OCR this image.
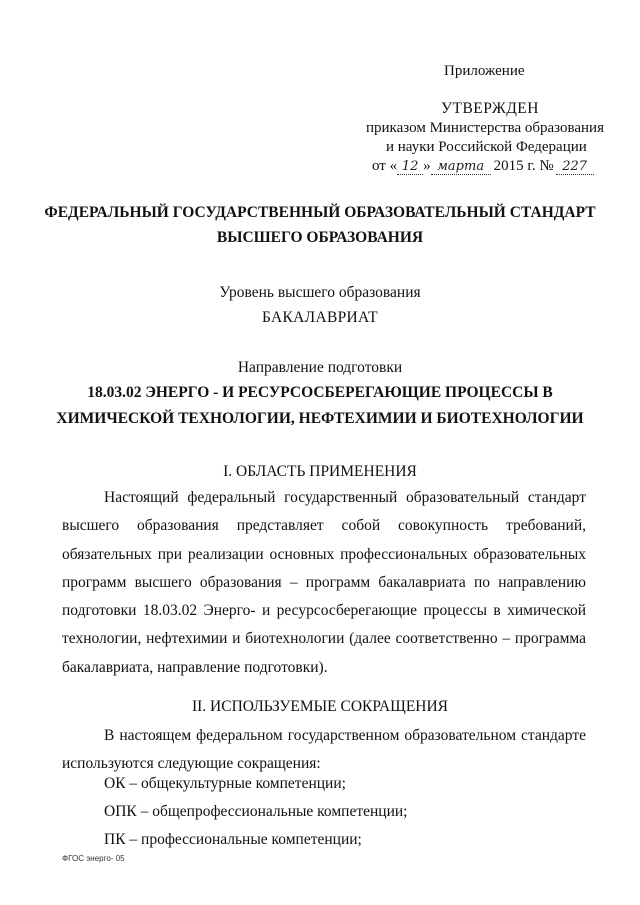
Приложение
УТВЕРЖДЕН
приказом Министерства образования
и науки Российской Федерации
от « 12 » марта 2015 г. № 227
ФЕДЕРАЛЬНЫЙ ГОСУДАРСТВЕННЫЙ ОБРАЗОВАТЕЛЬНЫЙ СТАНДАРТ
ВЫСШЕГО ОБРАЗОВАНИЯ
Уровень высшего образования
БАКАЛАВРИАТ
Направление подготовки
18.03.02 ЭНЕРГО - И РЕСУРСОСБЕРЕГАЮЩИЕ ПРОЦЕССЫ В
ХИМИЧЕСКОЙ ТЕХНОЛОГИИ, НЕФТЕХИМИИ И БИОТЕХНОЛОГИИ
I. ОБЛАСТЬ ПРИМЕНЕНИЯ
Настоящий федеральный государственный образовательный стандарт высшего образования представляет собой совокупность требований, обязательных при реализации основных профессиональных образовательных программ высшего образования – программ бакалавриата по направлению подготовки 18.03.02 Энерго- и ресурсосберегающие процессы в химической технологии, нефтехимии и биотехнологии (далее соответственно – программа бакалавриата, направление подготовки).
II. ИСПОЛЬЗУЕМЫЕ СОКРАЩЕНИЯ
В настоящем федеральном государственном образовательном стандарте используются следующие сокращения:
ОК – общекультурные компетенции;
ОПК – общепрофессиональные компетенции;
ПК – профессиональные компетенции;
ФГОС энерго- 05
